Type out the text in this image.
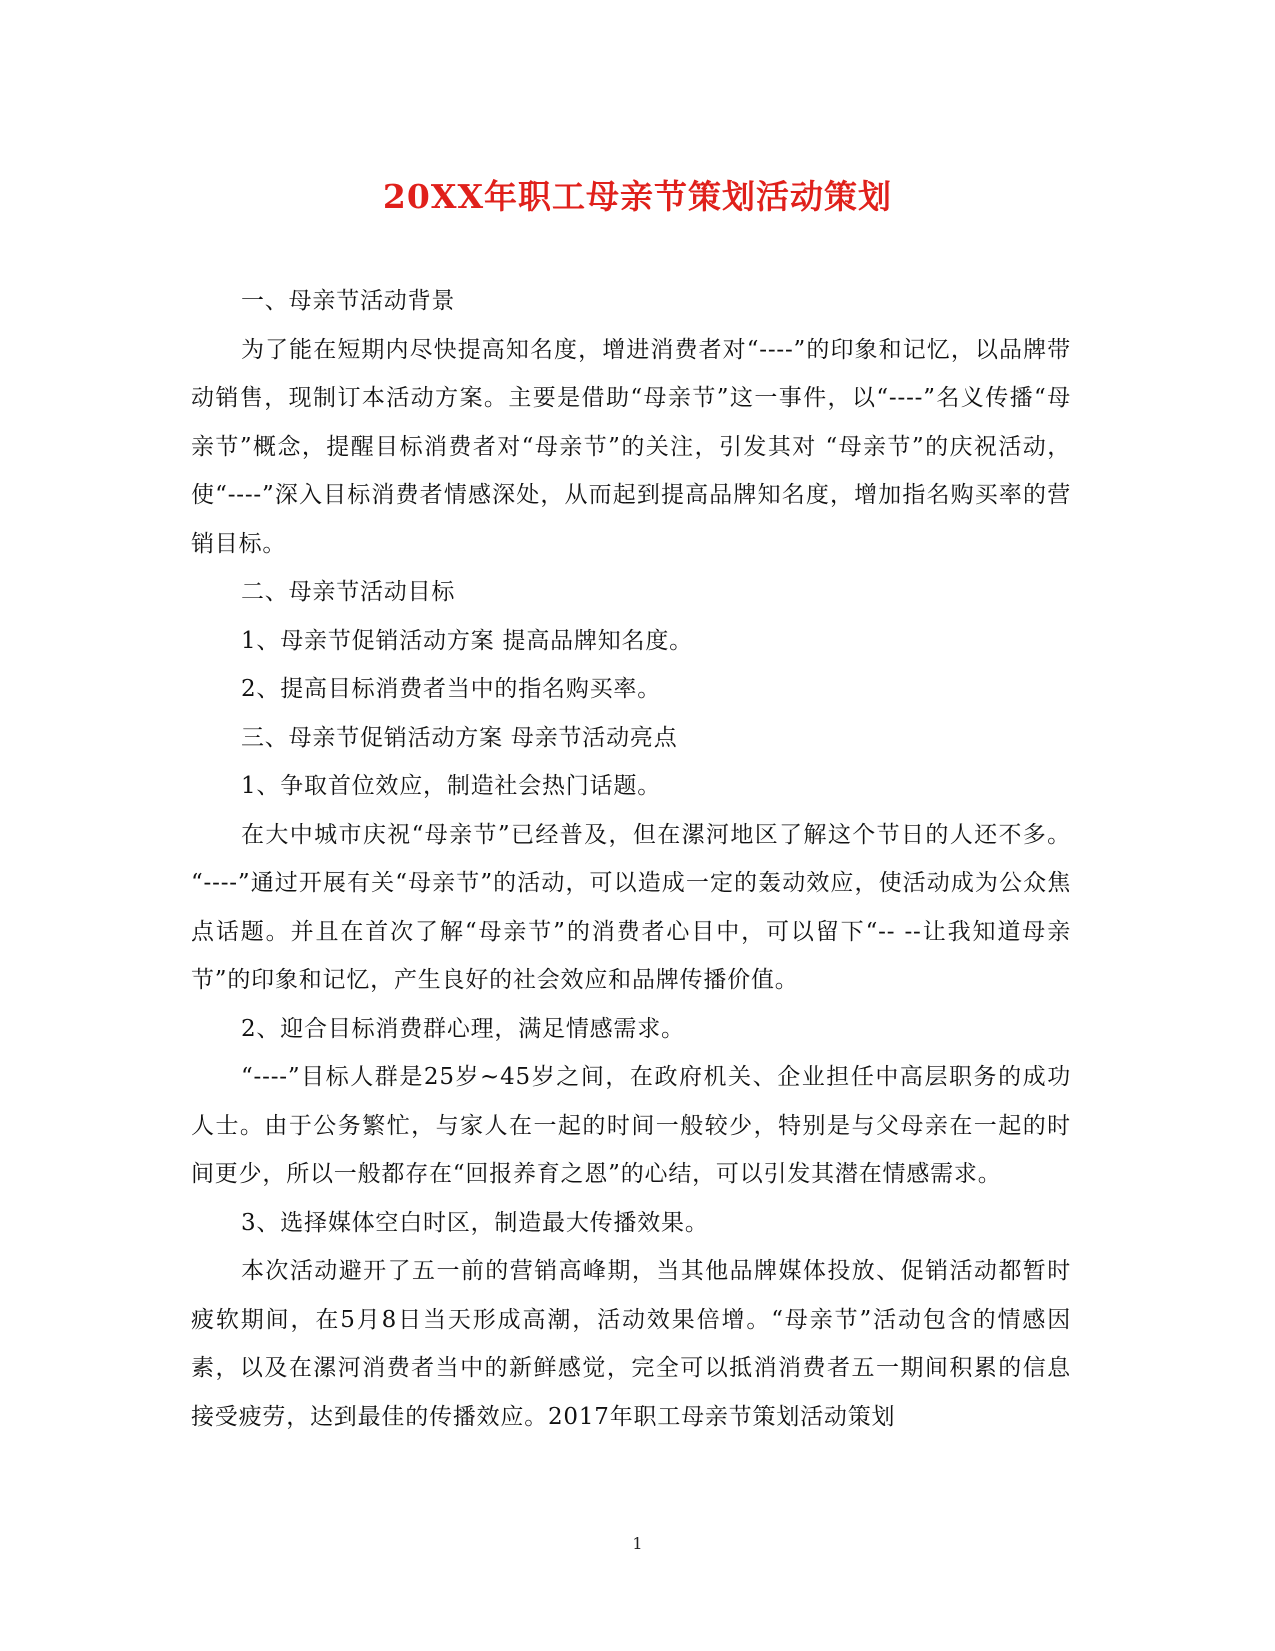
20XX年职工母亲节策划活动策划

一、母亲节活动背景

为了能在短期内尽快提高知名度，增进消费者对“----”的印象和记忆，以品牌带动销售，现制订本活动方案。主要是借助“母亲节”这一事件，以“----”名义传播“母亲节”概念，提醒目标消费者对“母亲节”的关注，引发其对 “母亲节”的庆祝活动，使“----”深入目标消费者情感深处，从而起到提高品牌知名度，增加指名购买率的营销目标。

二、母亲节活动目标

1、母亲节促销活动方案 提高品牌知名度。

2、提高目标消费者当中的指名购买率。

三、母亲节促销活动方案 母亲节活动亮点

1、争取首位效应，制造社会热门话题。

在大中城市庆祝“母亲节”已经普及，但在漯河地区了解这个节日的人还不多。 “----”通过开展有关“母亲节”的活动，可以造成一定的轰动效应，使活动成为公众焦点话题。并且在首次了解“母亲节”的消费者心目中，可以留下“-- --让我知道母亲节”的印象和记忆，产生良好的社会效应和品牌传播价值。

2、迎合目标消费群心理，满足情感需求。

“----”目标人群是25岁~45岁之间，在政府机关、企业担任中高层职务的成功人士。由于公务繁忙，与家人在一起的时间一般较少，特别是与父母亲在一起的时间更少，所以一般都存在“回报养育之恩”的心结，可以引发其潜在情感需求。

3、选择媒体空白时区，制造最大传播效果。

本次活动避开了五一前的营销高峰期，当其他品牌媒体投放、促销活动都暂时疲软期间，在5月8日当天形成高潮，活动效果倍增。“母亲节”活动包含的情感因素，以及在漯河消费者当中的新鲜感觉，完全可以抵消消费者五一期间积累的信息接受疲劳，达到最佳的传播效应。2017年职工母亲节策划活动策划

1
